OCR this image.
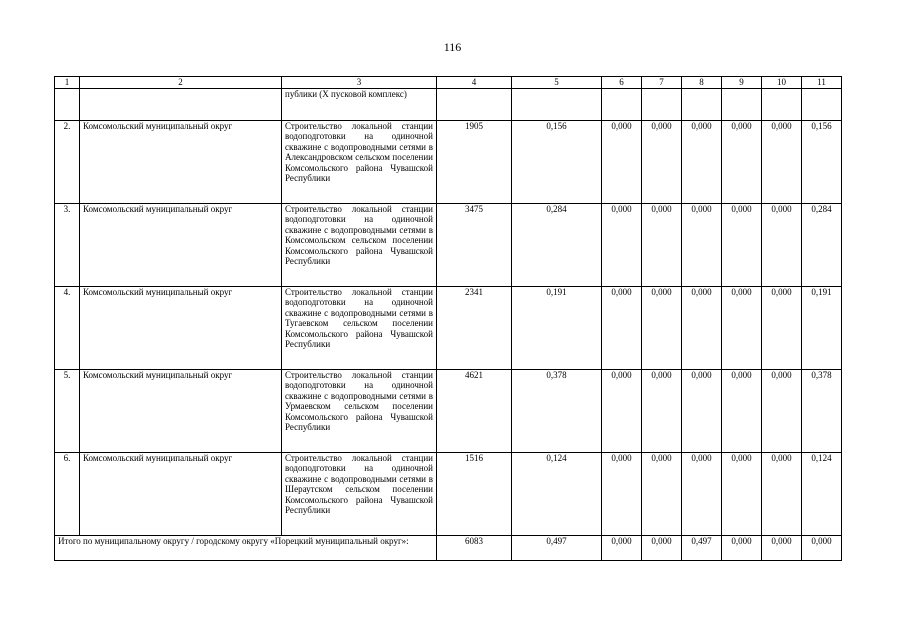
116
1	2	3	4	5	6	7	8	9	10	11
		публики (X пусковой комплекс)								
2.	Комсомольский муниципальный округ	Строительство локальной станции водоподготовки на одиночной скважине с водопроводными сетями в Александровском сельском поселении Комсомольского района Чувашской Республики	1905	0,156	0,000	0,000	0,000	0,000	0,000	0,156
3.	Комсомольский муниципальный округ	Строительство локальной станции водоподготовки на одиночной скважине с водопроводными сетями в Комсомольском сельском поселении Комсомольского района Чувашской Республики	3475	0,284	0,000	0,000	0,000	0,000	0,000	0,284
4.	Комсомольский муниципальный округ	Строительство локальной станции водоподготовки на одиночной скважине с водопроводными сетями в Тугаевском сельском поселении Комсомольского района Чувашской Республики	2341	0,191	0,000	0,000	0,000	0,000	0,000	0,191
5.	Комсомольский муниципальный округ	Строительство локальной станции водоподготовки на одиночной скважине с водопроводными сетями в Урмаевском сельском поселении Комсомольского района Чувашской Республики	4621	0,378	0,000	0,000	0,000	0,000	0,000	0,378
6.	Комсомольский муниципальный округ	Строительство локальной станции водоподготовки на одиночной скважине с водопроводными сетями в Шераутском сельском поселении Комсомольского района Чувашской Республики	1516	0,124	0,000	0,000	0,000	0,000	0,000	0,124
Итого по муниципальному округу / городскому округу «Порецкий муниципальный округ»:			6083	0,497	0,000	0,000	0,497	0,000	0,000	0,000
